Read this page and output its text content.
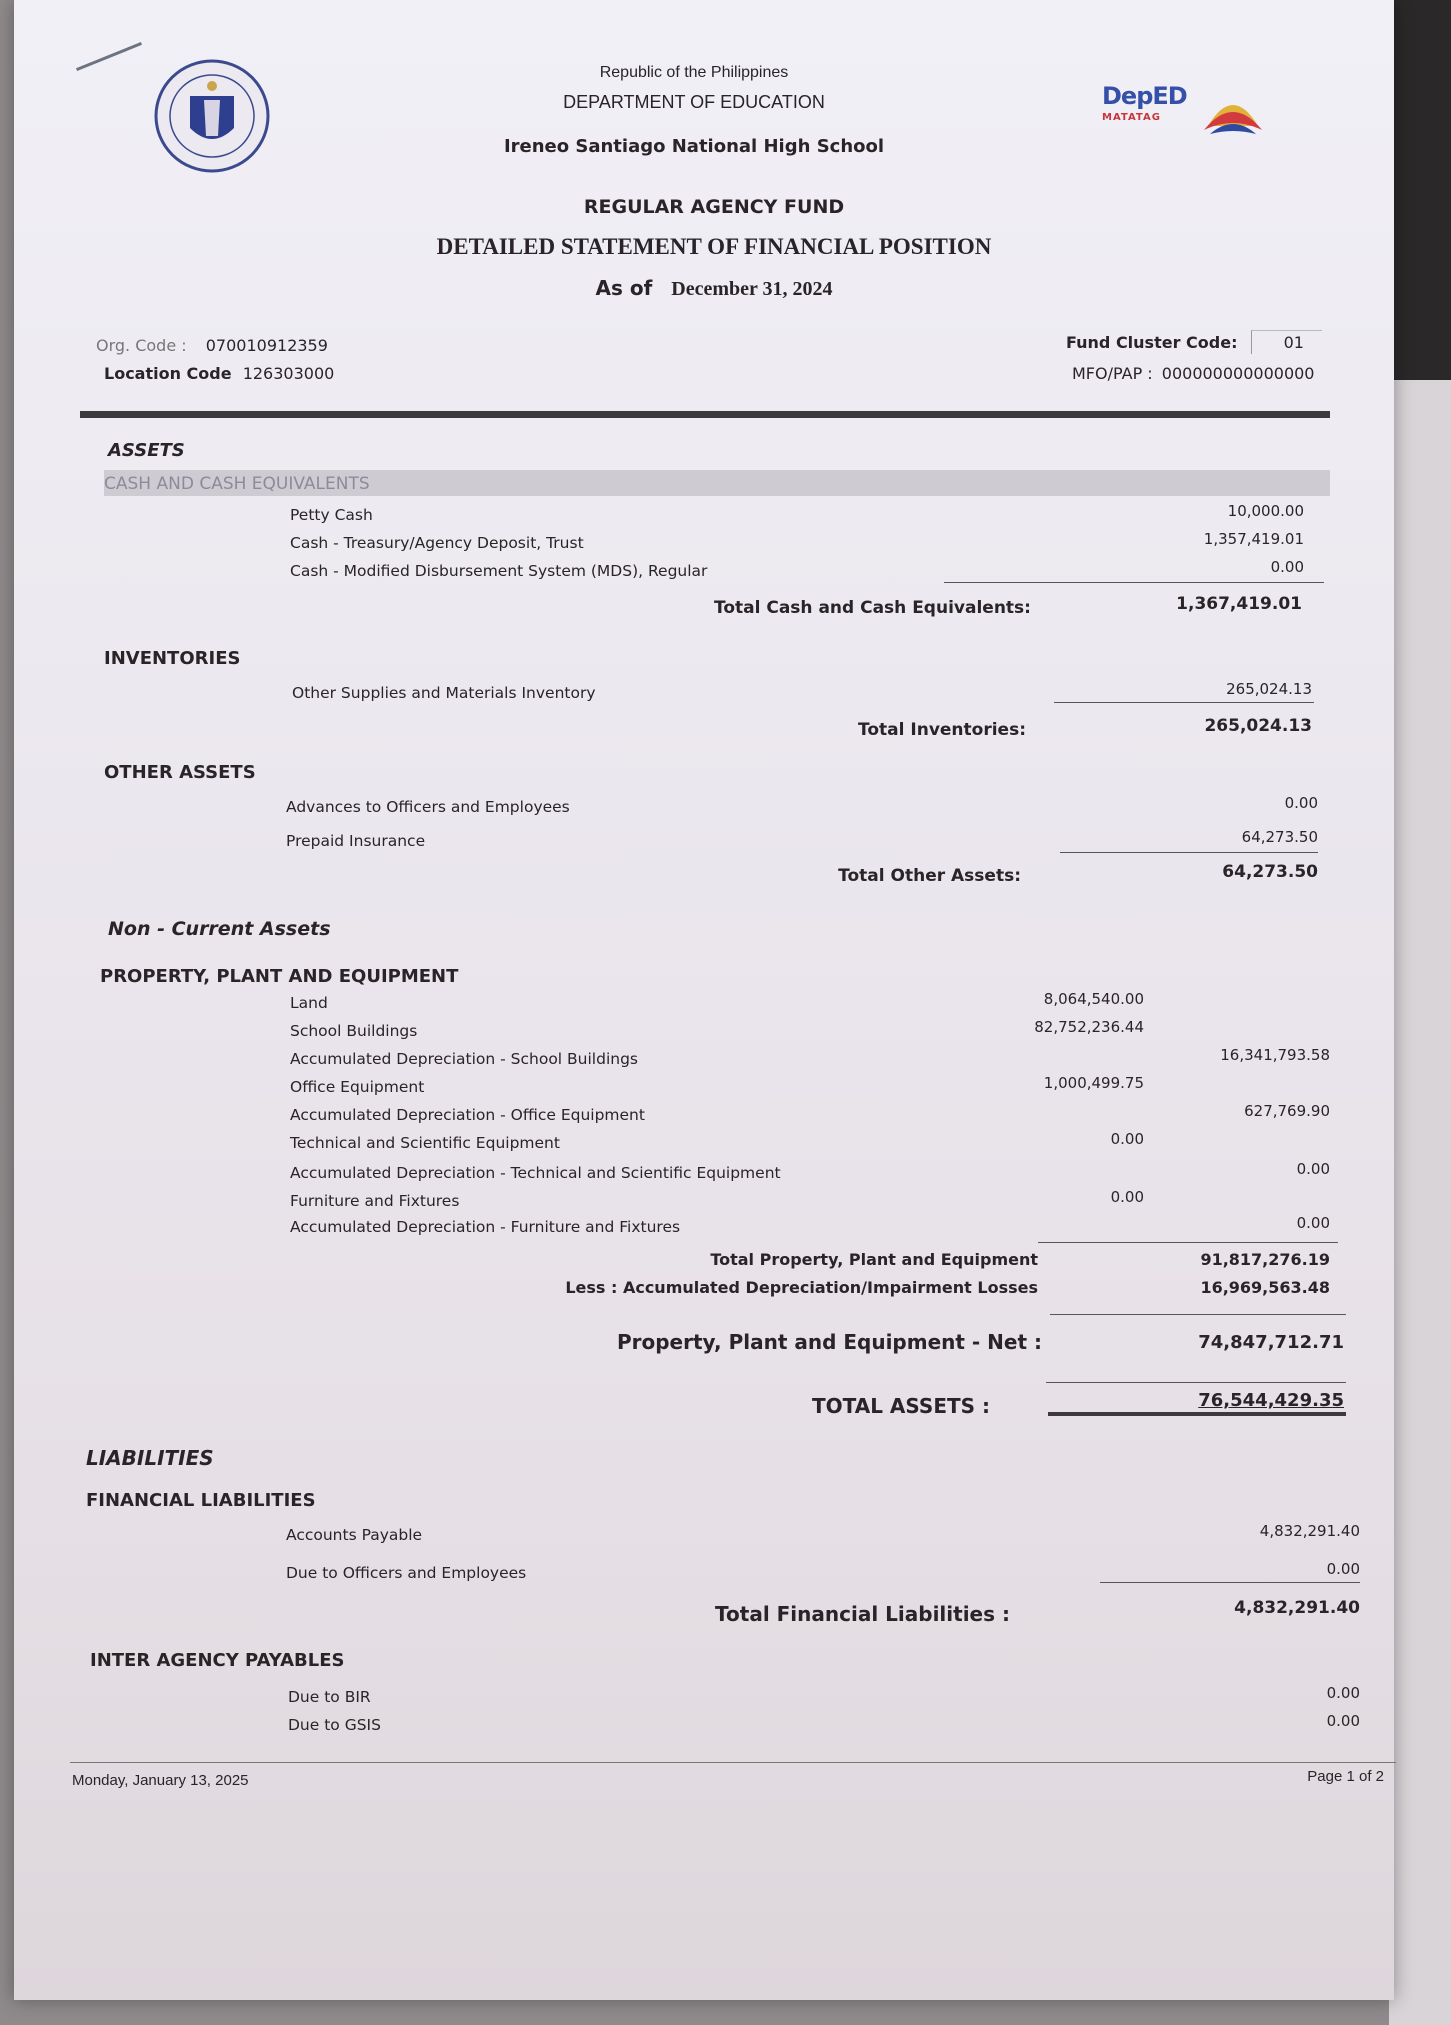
Republic of the Philippines
DEPARTMENT OF EDUCATION
Ireneo Santiago National High School
DepED
MATATAG
REGULAR AGENCY FUND
DETAILED STATEMENT OF FINANCIAL POSITION
As of December 31, 2024
Org. Code : 070010912359
Location Code 126303000
Fund Cluster Code:	01
MFO/PAP : 000000000000000
ASSETS
CASH AND CASH EQUIVALENTS
Petty Cash	10,000.00
Cash - Treasury/Agency Deposit, Trust	1,357,419.01
Cash - Modified Disbursement System (MDS), Regular	0.00
Total Cash and Cash Equivalents:	1,367,419.01
INVENTORIES
Other Supplies and Materials Inventory	265,024.13
Total Inventories:	265,024.13
OTHER ASSETS
Advances to Officers and Employees	0.00
Prepaid Insurance	64,273.50
Total Other Assets:	64,273.50
Non - Current Assets
PROPERTY, PLANT AND EQUIPMENT
Land	8,064,540.00
School Buildings	82,752,236.44
Accumulated Depreciation - School Buildings	16,341,793.58
Office Equipment	1,000,499.75
Accumulated Depreciation - Office Equipment	627,769.90
Technical and Scientific Equipment	0.00
Accumulated Depreciation - Technical and Scientific Equipment	0.00
Furniture and Fixtures	0.00
Accumulated Depreciation - Furniture and Fixtures	0.00
Total Property, Plant and Equipment	91,817,276.19
Less : Accumulated Depreciation/Impairment Losses	16,969,563.48
Property, Plant and Equipment - Net :	74,847,712.71
TOTAL ASSETS :	76,544,429.35
LIABILITIES
FINANCIAL LIABILITIES
Accounts Payable	4,832,291.40
Due to Officers and Employees	0.00
Total Financial Liabilities :	4,832,291.40
INTER AGENCY PAYABLES
Due to BIR	0.00
Due to GSIS	0.00
Monday, January 13, 2025	Page 1 of 2
